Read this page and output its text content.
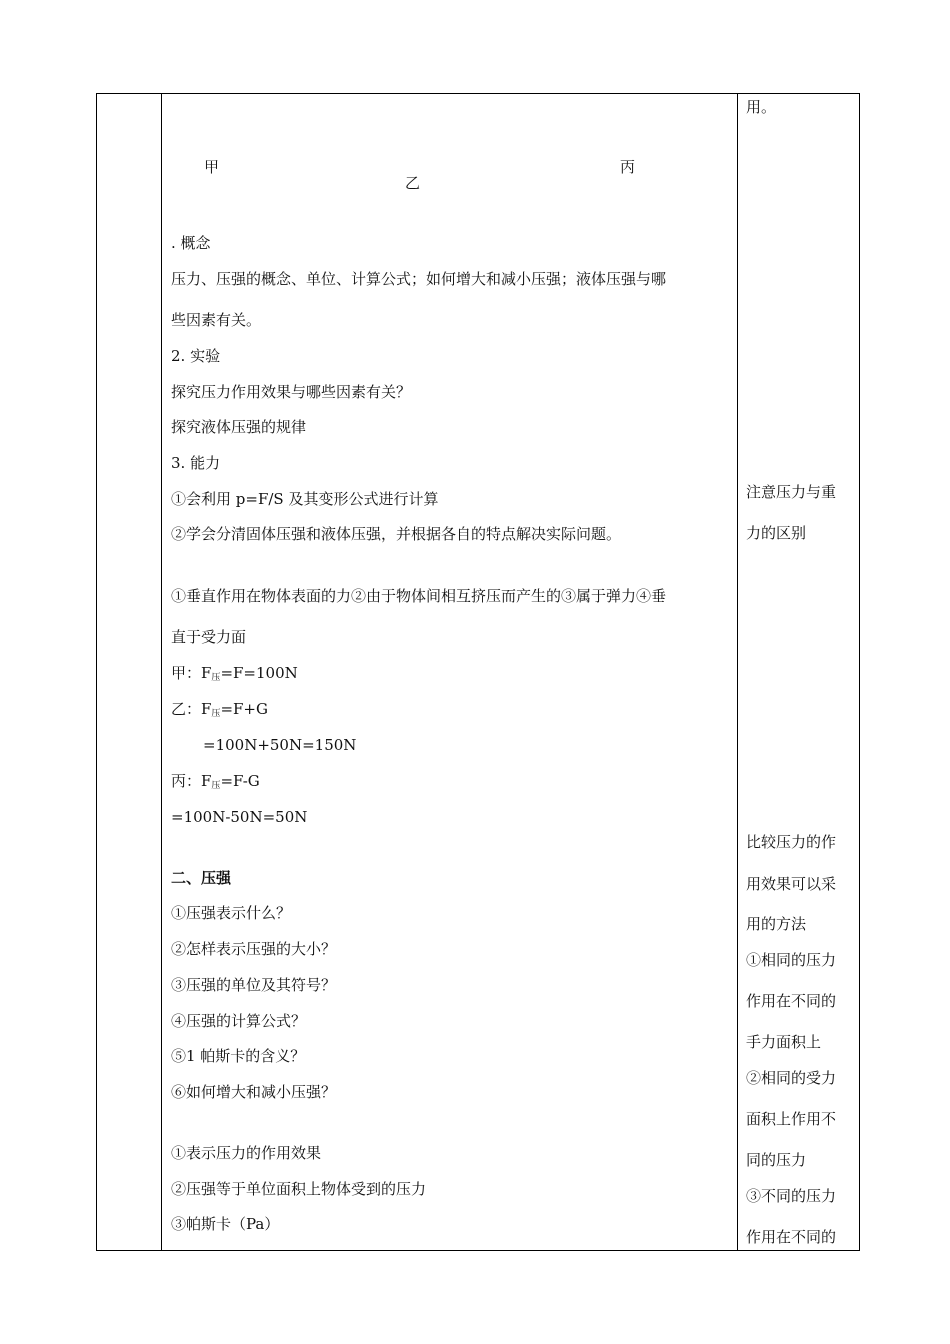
甲
乙
丙
. 概念
压力、压强的概念、单位、计算公式；如何增大和减小压强；液体压强与哪
些因素有关。
2. 实验
探究压力作用效果与哪些因素有关？
探究液体压强的规律
3. 能力
①会利用 p=F/S 及其变形公式进行计算
②学会分清固体压强和液体压强，并根据各自的特点解决实际问题。
①垂直作用在物体表面的力②由于物体间相互挤压而产生的③属于弹力④垂
直于受力面
甲：$F_压=F=100N$
乙：$F_压=F+G$
=100N+50N=150N
丙：$F_压=F-G$
=100N-50N=50N
二、压强
①压强表示什么？
②怎样表示压强的大小？
③压强的单位及其符号？
④压强的计算公式？
⑤1 帕斯卡的含义？
⑥如何增大和减小压强？
①表示压力的作用效果
②压强等于单位面积上物体受到的压力
③帕斯卡（Pa）
用。
注意压力与重
力的区别
比较压力的作
用效果可以采
用的方法
①相同的压力
作用在不同的
手力面积上
②相同的受力
面积上作用不
同的压力
③不同的压力
作用在不同的
